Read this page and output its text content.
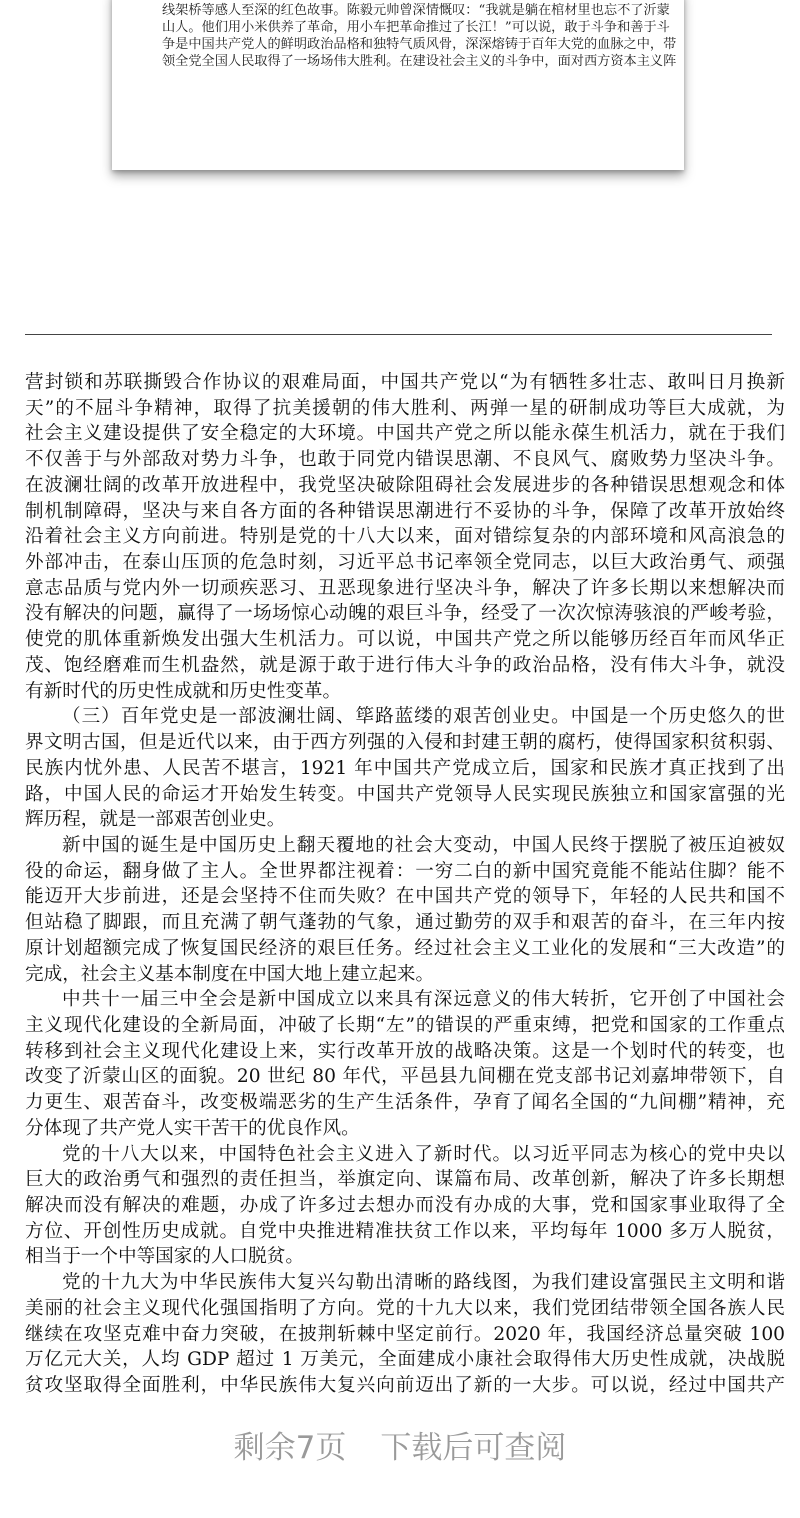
线架桥等感人至深的红色故事。陈毅元帅曾深情慨叹：“我就是躺在棺材里也忘不了沂蒙
山人。他们用小米供养了革命，用小车把革命推过了长江！”可以说，敢于斗争和善于斗
争是中国共产党人的鲜明政治品格和独特气质风骨，深深熔铸于百年大党的血脉之中，带
领全党全国人民取得了一场场伟大胜利。在建设社会主义的斗争中，面对西方资本主义阵
营封锁和苏联撕毁合作协议的艰难局面，中国共产党以“为有牺牲多壮志、敢叫日月换新
天”的不屈斗争精神，取得了抗美援朝的伟大胜利、两弹一星的研制成功等巨大成就，为
社会主义建设提供了安全稳定的大环境。中国共产党之所以能永葆生机活力，就在于我们
不仅善于与外部敌对势力斗争，也敢于同党内错误思潮、不良风气、腐败势力坚决斗争。
在波澜壮阔的改革开放进程中，我党坚决破除阻碍社会发展进步的各种错误思想观念和体
制机制障碍，坚决与来自各方面的各种错误思潮进行不妥协的斗争，保障了改革开放始终
沿着社会主义方向前进。特别是党的十八大以来，面对错综复杂的内部环境和风高浪急的
外部冲击，在泰山压顶的危急时刻，习近平总书记率领全党同志，以巨大政治勇气、顽强
意志品质与党内外一切顽疾恶习、丑恶现象进行坚决斗争，解决了许多长期以来想解决而
没有解决的问题，赢得了一场场惊心动魄的艰巨斗争，经受了一次次惊涛骇浪的严峻考验，
使党的肌体重新焕发出强大生机活力。可以说，中国共产党之所以能够历经百年而风华正
茂、饱经磨难而生机盎然，就是源于敢于进行伟大斗争的政治品格，没有伟大斗争，就没
有新时代的历史性成就和历史性变革。
（三）百年党史是一部波澜壮阔、筚路蓝缕的艰苦创业史。中国是一个历史悠久的世
界文明古国，但是近代以来，由于西方列强的入侵和封建王朝的腐朽，使得国家积贫积弱、
民族内忧外患、人民苦不堪言，1921 年中国共产党成立后，国家和民族才真正找到了出
路，中国人民的命运才开始发生转变。中国共产党领导人民实现民族独立和国家富强的光
辉历程，就是一部艰苦创业史。
新中国的诞生是中国历史上翻天覆地的社会大变动，中国人民终于摆脱了被压迫被奴
役的命运，翻身做了主人。全世界都注视着：一穷二白的新中国究竟能不能站住脚？能不
能迈开大步前进，还是会坚持不住而失败？在中国共产党的领导下，年轻的人民共和国不
但站稳了脚跟，而且充满了朝气蓬勃的气象，通过勤劳的双手和艰苦的奋斗，在三年内按
原计划超额完成了恢复国民经济的艰巨任务。经过社会主义工业化的发展和“三大改造”的
完成，社会主义基本制度在中国大地上建立起来。
中共十一届三中全会是新中国成立以来具有深远意义的伟大转折，它开创了中国社会
主义现代化建设的全新局面，冲破了长期“左”的错误的严重束缚，把党和国家的工作重点
转移到社会主义现代化建设上来，实行改革开放的战略决策。这是一个划时代的转变，也
改变了沂蒙山区的面貌。20 世纪 80 年代，平邑县九间棚在党支部书记刘嘉坤带领下，自
力更生、艰苦奋斗，改变极端恶劣的生产生活条件，孕育了闻名全国的“九间棚”精神，充
分体现了共产党人实干苦干的优良作风。
党的十八大以来，中国特色社会主义进入了新时代。以习近平同志为核心的党中央以
巨大的政治勇气和强烈的责任担当，举旗定向、谋篇布局、改革创新，解决了许多长期想
解决而没有解决的难题，办成了许多过去想办而没有办成的大事，党和国家事业取得了全
方位、开创性历史成就。自党中央推进精准扶贫工作以来，平均每年 1000 多万人脱贫，
相当于一个中等国家的人口脱贫。
党的十九大为中华民族伟大复兴勾勒出清晰的路线图，为我们建设富强民主文明和谐
美丽的社会主义现代化强国指明了方向。党的十九大以来，我们党团结带领全国各族人民
继续在攻坚克难中奋力突破，在披荆斩棘中坚定前行。2020 年，我国经济总量突破 100
万亿元大关，人均 GDP 超过 1 万美元，全面建成小康社会取得伟大历史性成就，决战脱
贫攻坚取得全面胜利，中华民族伟大复兴向前迈出了新的一大步。可以说，经过中国共产
剩余7页 下载后可查阅
